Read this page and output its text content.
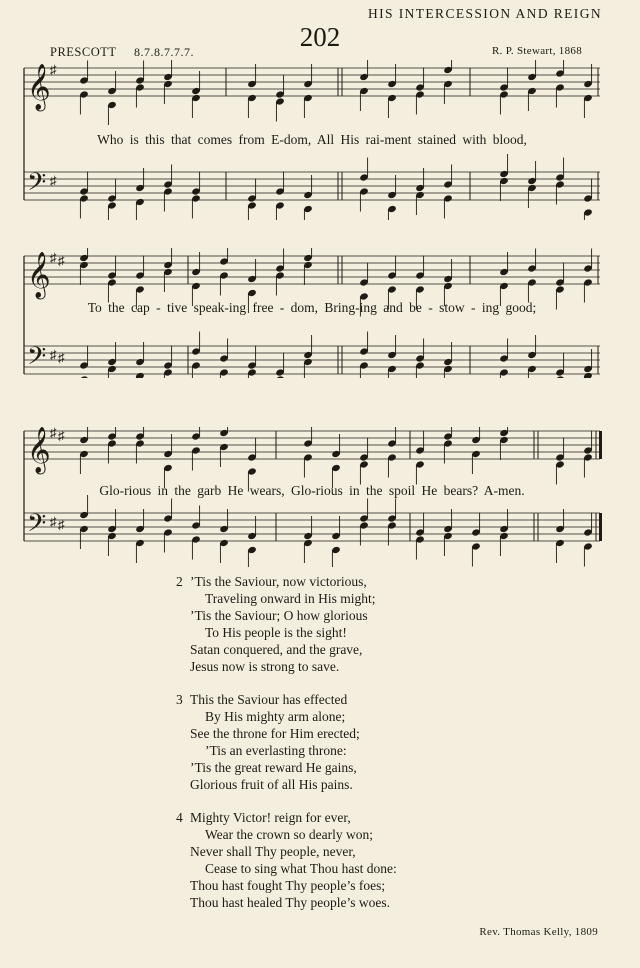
HIS INTERCESSION AND REIGN
202
PRESCOTT 8.7.8.7.7.7.	R. P. Stewart, 1868
𝄞
𝄢
♯
♯
Who is this that comes from E-dom, All His rai-ment stained with blood,
𝄞
𝄢
♯
♯
♯
♯
To the cap - tive speak-ing free - dom, Bring-ing and be - stow - ing good;
𝄞
𝄢
♯
♯
♯
♯
Glo-rious in the garb He wears, Glo-rious in the spoil He bears? A-men.
2 ’Tis the Saviour, now victorious,
Traveling onward in His might;
’Tis the Saviour; O how glorious
To His people is the sight!
Satan conquered, and the grave,
Jesus now is strong to save.
3 This the Saviour has effected
By His mighty arm alone;
See the throne for Him erected;
’Tis an everlasting throne:
’Tis the great reward He gains,
Glorious fruit of all His pains.
4 Mighty Victor! reign for ever,
Wear the crown so dearly won;
Never shall Thy people, never,
Cease to sing what Thou hast done:
Thou hast fought Thy people’s foes;
Thou hast healed Thy people’s woes.
Rev. Thomas Kelly, 1809
